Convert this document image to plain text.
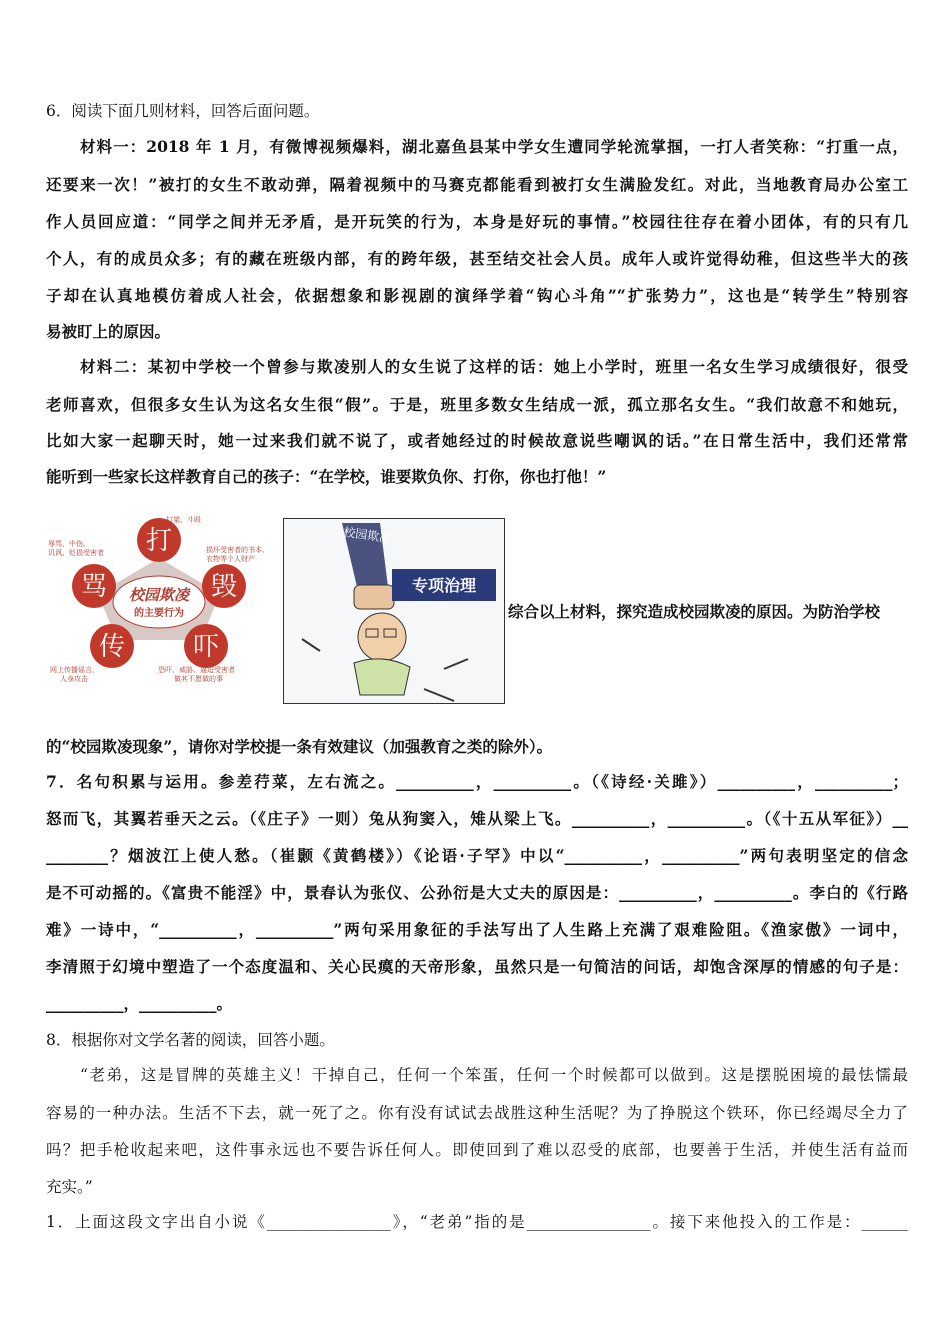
6．阅读下面几则材料，回答后面问题。
材料一：2018 年 1 月，有微博视频爆料，湖北嘉鱼县某中学女生遭同学轮流掌掴，一打人者笑称：“打重一点，
还要来一次！”被打的女生不敢动弹，隔着视频中的马赛克都能看到被打女生满脸发红。对此，当地教育局办公室工
作人员回应道：“同学之间并无矛盾，是开玩笑的行为，本身是好玩的事情。”校园往往存在着小团体，有的只有几
个人，有的成员众多；有的藏在班级内部，有的跨年级，甚至结交社会人员。成年人或许觉得幼稚，但这些半大的孩
子却在认真地模仿着成人社会，依据想象和影视剧的演绎学着“钩心斗角”“扩张势力”，这也是“转学生”特别容
易被盯上的原因。
材料二：某初中学校一个曾参与欺凌别人的女生说了这样的话：她上小学时，班里一名女生学习成绩很好，很受
老师喜欢，但很多女生认为这名女生很“假”。于是，班里多数女生结成一派，孤立那名女生。“我们故意不和她玩，
比如大家一起聊天时，她一过来我们就不说了，或者她经过的时候故意说些嘲讽的话。”在日常生活中，我们还常常
能听到一些家长这样教育自己的孩子：“在学校，谁要欺负你、打你，你也打他！”
校园欺凌
的主要行为
打
毁
骂
传	吓
打架、斗殴
损坏受害者的书本、
衣物等个人财产
辱骂、中伤、
讥讽、贬损受害者
网上传播谣言，
人身攻击
恐吓、威胁、逼迫受害者
做其不愿做的事
校园欺凌
专项治理
综合以上材料，探究造成校园欺凌的原因。为防治学校
的“校园欺凌现象”，请你对学校提一条有效建议（加强教育之类的除外）。
7．名句积累与运用。参差荇菜，左右流之。__________，__________。（《诗经·关雎》）__________，__________；
怒而飞，其翼若垂天之云。（《庄子》一则）兔从狗窦入，雉从梁上飞。__________，__________。（《十五从军征》）__
________？烟波江上使人愁。（崔颢《黄鹤楼》）《论语·子罕》中以“__________，__________”两句表明坚定的信念
是不可动摇的。《富贵不能淫》中，景春认为张仪、公孙衍是大丈夫的原因是：__________，__________。李白的《行路
难》一诗中，“__________，__________”两句采用象征的手法写出了人生路上充满了艰难险阻。《渔家傲》一词中，
李清照于幻境中塑造了一个态度温和、关心民瘼的天帝形象，虽然只是一句简洁的问话，却饱含深厚的情感的句子是：
__________，__________。
8．根据你对文学名著的阅读，回答小题。
“老弟，这是冒牌的英雄主义！干掉自己，任何一个笨蛋，任何一个时候都可以做到。这是摆脱困境的最怯懦最
容易的一种办法。生活不下去，就一死了之。你有没有试试去战胜这种生活呢？为了挣脱这个铁环，你已经竭尽全力了
吗？把手枪收起来吧，这件事永远也不要告诉任何人。即使回到了难以忍受的底部，也要善于生活，并使生活有益而
充实。”
1．上面这段文字出自小说《________________》，“老弟”指的是________________。接下来他投入的工作是：______
